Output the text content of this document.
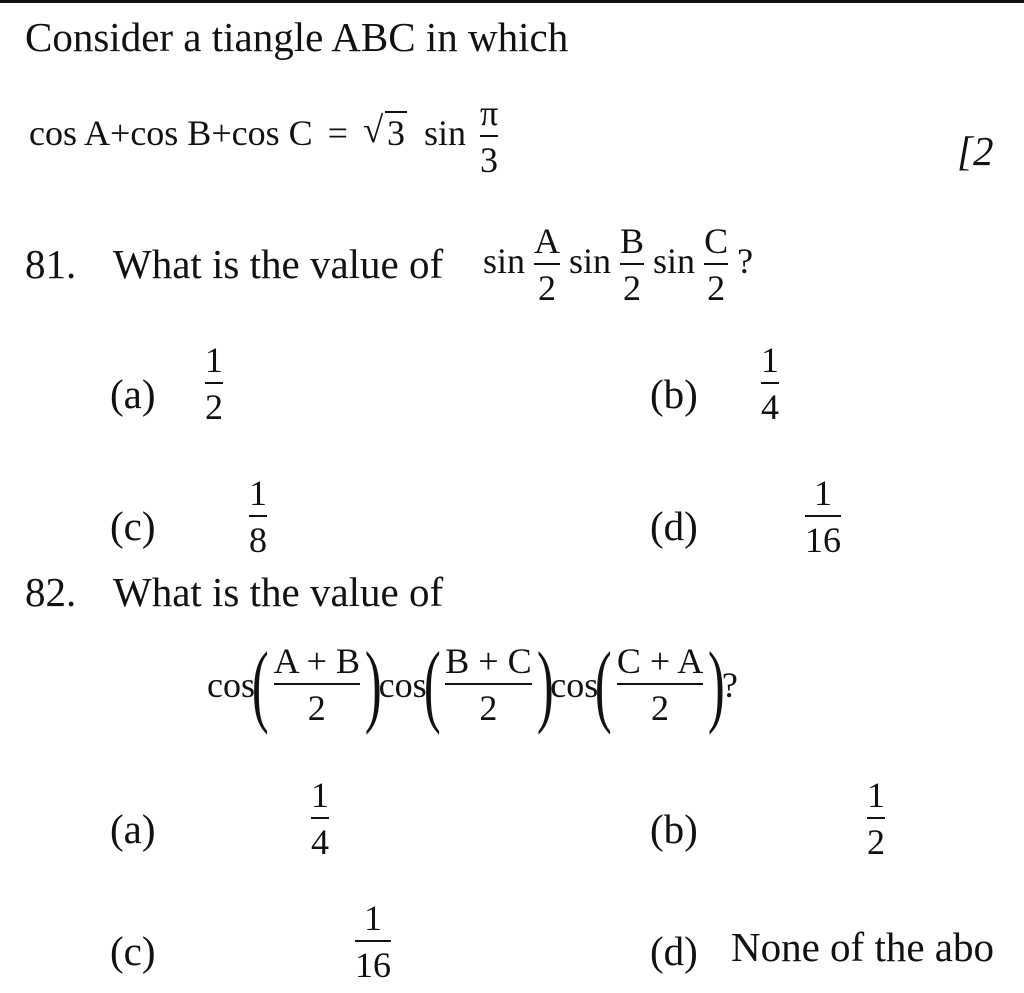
Consider a tiangle ABC in which
cos A+cos B+cos C = √ 3 $\sin \frac{\pi}{3}$	[2
81. What is the value of $\sin \frac{A}{2}$ $\sin \frac{B}{2}$ $\sin \frac{C}{2}$ ?
$(a) \frac{1}{2}$
	$(b) \frac{1}{4}$

(c)	$\frac{1}{8}$
	(d)	$\frac{1}{16}$

82. What is the value of
cos
( $\frac{A + B}{2}$ )
cos
( $\frac{B + C}{2}$ )
cos
( $\frac{C + A}{2}$ )
?
(a)	$\frac{1}{4}$
	(b)	$\frac{1}{2}$

(c)	$\frac{1}{16}$	(d) None of the abo
